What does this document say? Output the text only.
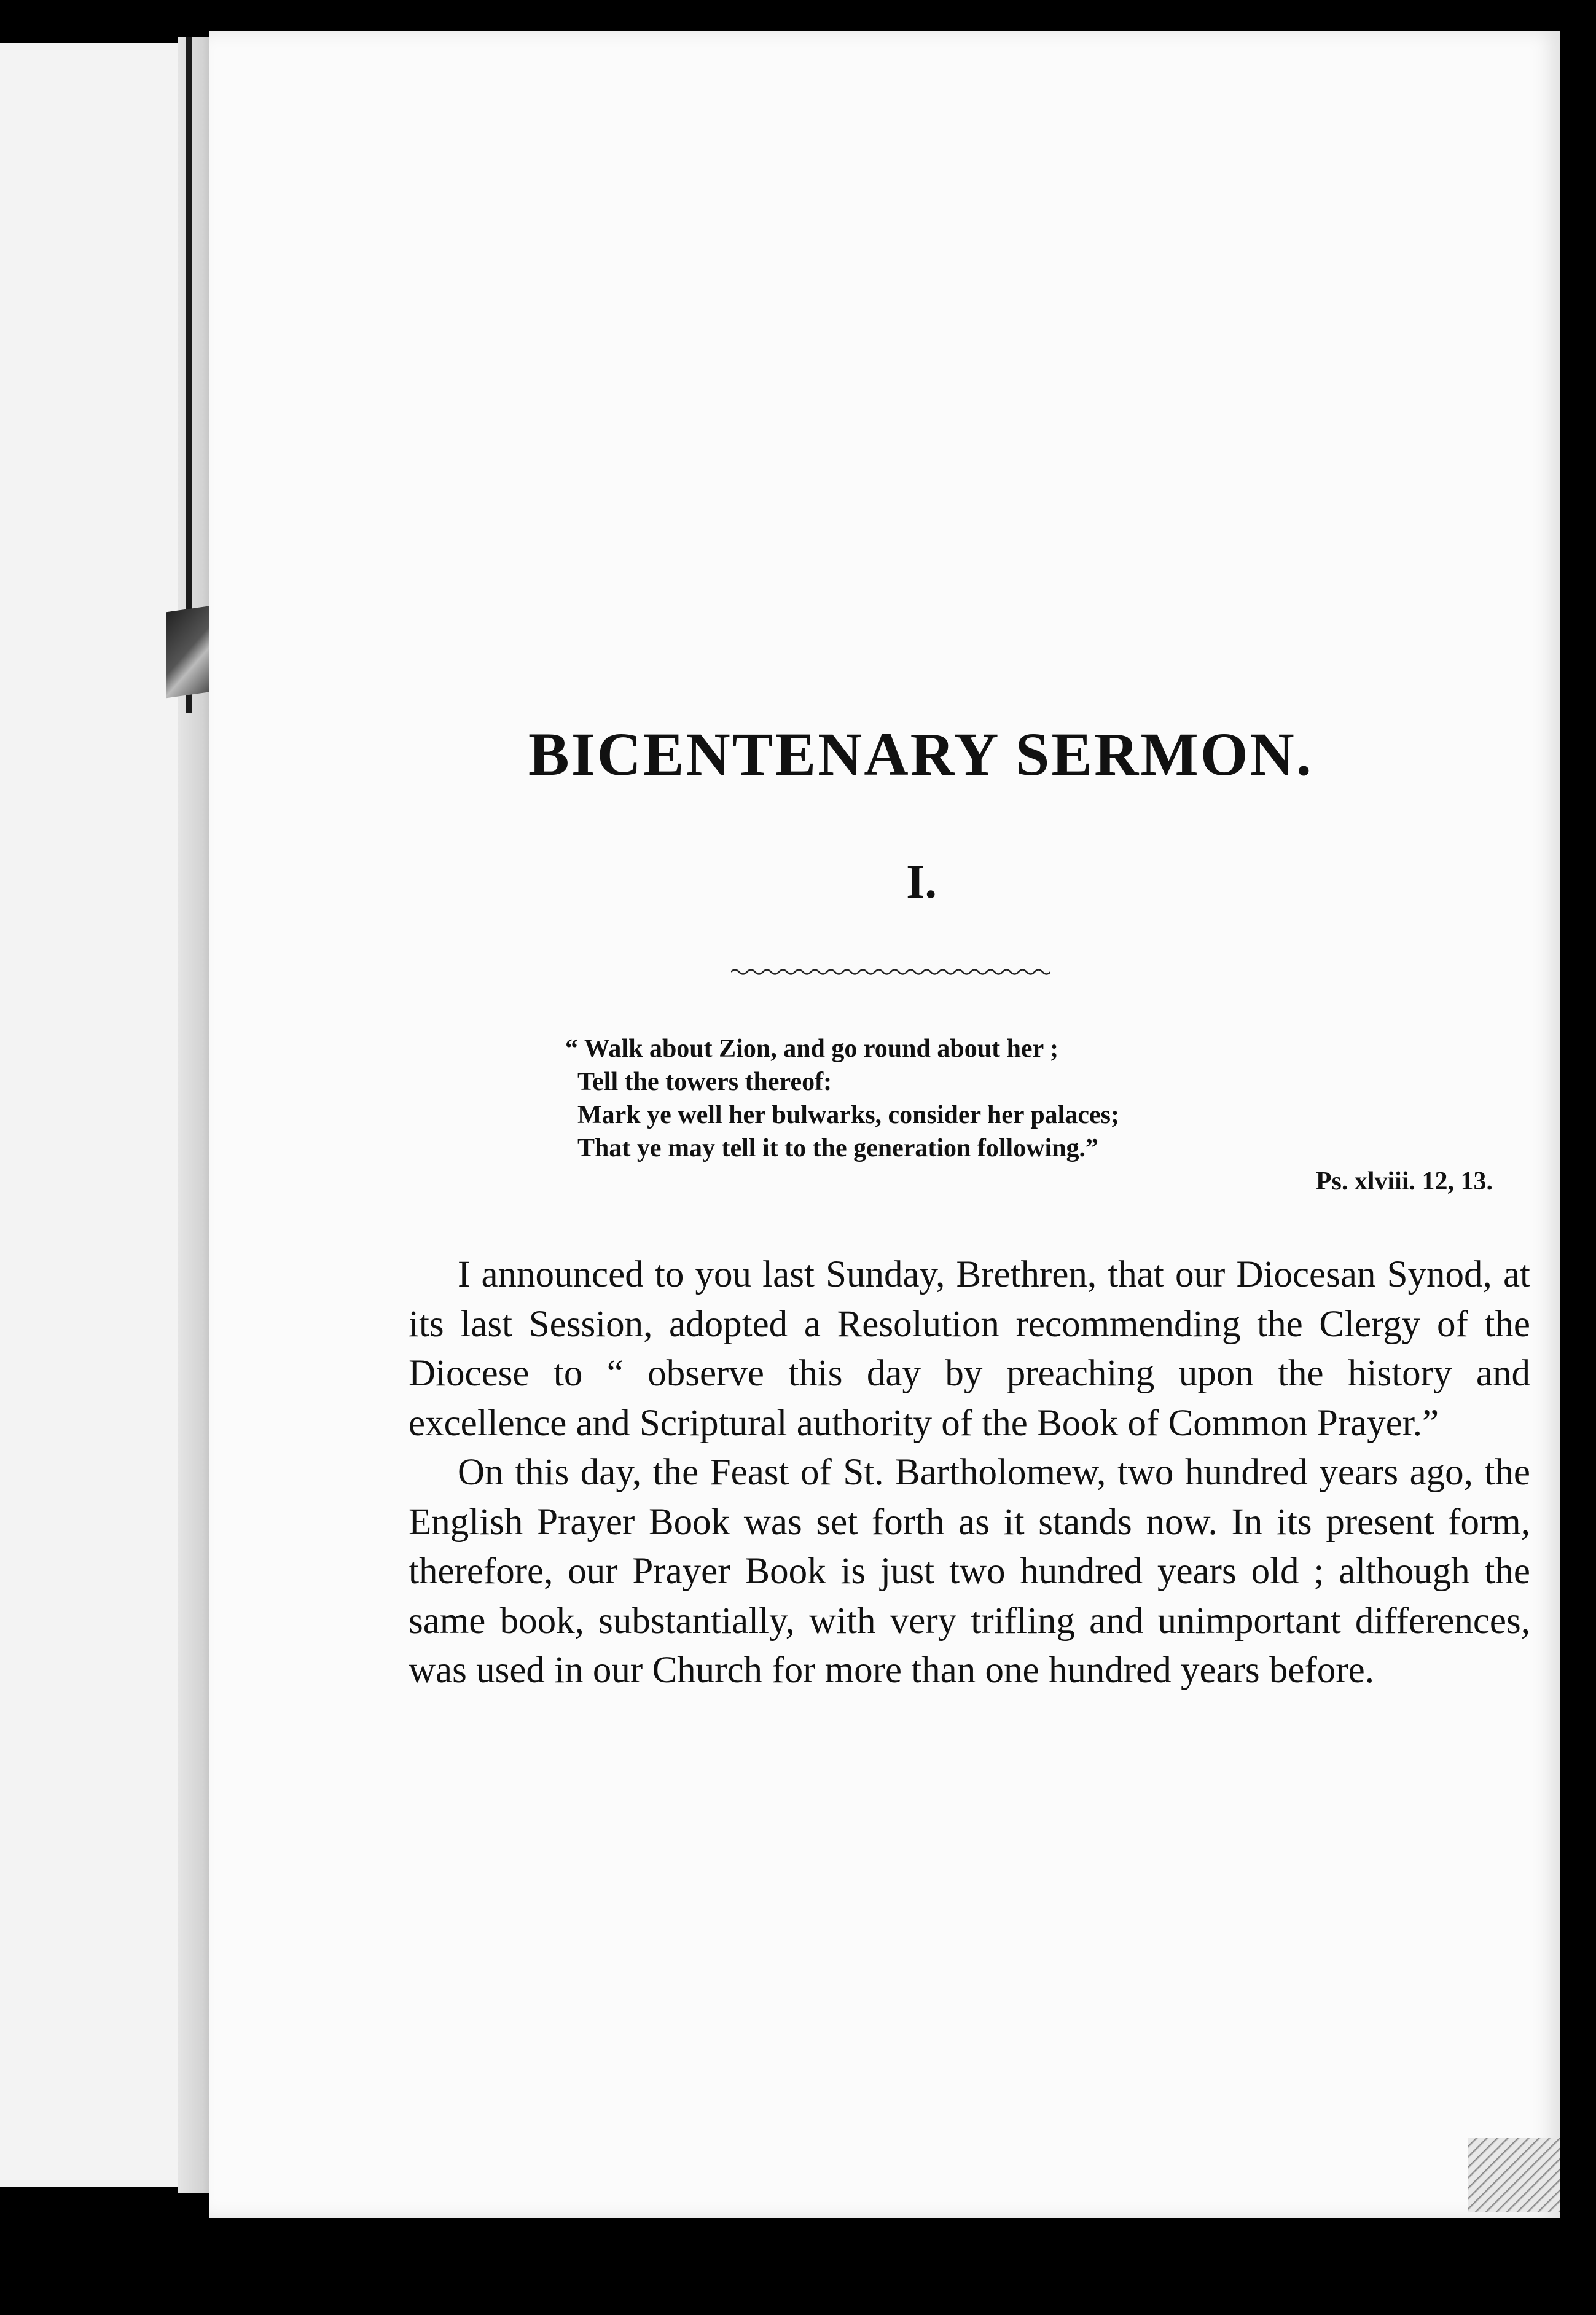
BICENTENARY SERMON.
I.
“ Walk about Zion, and go round about her ;
Tell the towers thereof:
Mark ye well her bulwarks, consider her palaces;
That ye may tell it to the generation following.”
Ps. xlviii. 12, 13.

I announced to you last Sunday, Brethren, that our Diocesan Synod, at its last Session, adopted a Resolution recommending the Clergy of the Diocese to “ observe this day by preaching upon the history and excellence and Scriptural authority of the Book of Common Prayer.”

On this day, the Feast of St. Bartholomew, two hundred years ago, the English Prayer Book was set forth as it stands now. In its present form, therefore, our Prayer Book is just two hundred years old ; although the same book, substantially, with very trifling and unimportant differences, was used in our Church for more than one hundred years before.
